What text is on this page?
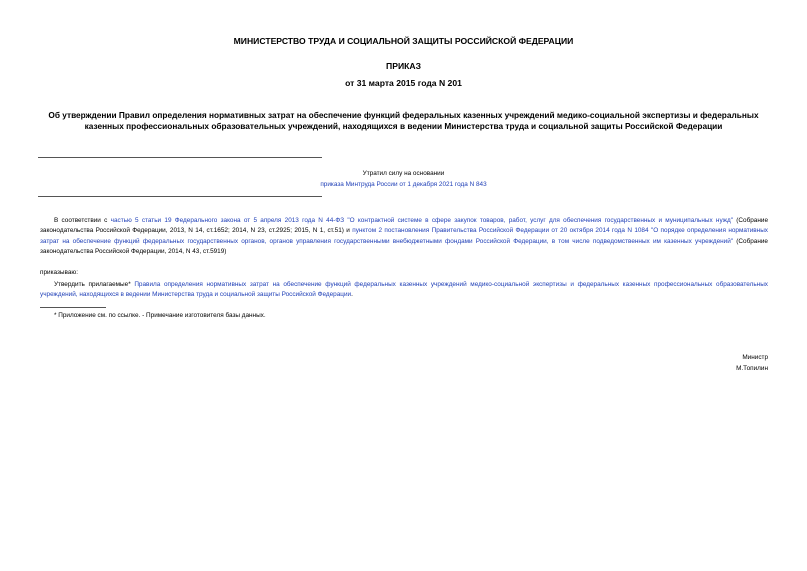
МИНИСТЕРСТВО ТРУДА И СОЦИАЛЬНОЙ ЗАЩИТЫ РОССИЙСКОЙ ФЕДЕРАЦИИ
ПРИКАЗ
от 31 марта 2015 года N 201
Об утверждении Правил определения нормативных затрат на обеспечение функций федеральных казенных учреждений медико-социальной экспертизы и федеральных казенных профессиональных образовательных учреждений, находящихся в ведении Министерства труда и социальной защиты Российской Федерации
Утратил силу на основании
приказа Минтруда России от 1 декабря 2021 года N 843
В соответствии с частью 5 статьи 19 Федерального закона от 5 апреля 2013 года N 44-ФЗ "О контрактной системе в сфере закупок товаров, работ, услуг для обеспечения государственных и муниципальных нужд" (Собрание законодательства Российской Федерации, 2013, N 14, ст.1652; 2014, N 23, ст.2925; 2015, N 1, ст.51) и пунктом 2 постановления Правительства Российской Федерации от 20 октября 2014 года N 1084 "О порядке определения нормативных затрат на обеспечение функций федеральных государственных органов, органов управления государственными внебюджетными фондами Российской Федерации, в том числе подведомственных им казенных учреждений" (Собрание законодательства Российской Федерации, 2014, N 43, ст.5919)
приказываю:
Утвердить прилагаемые* Правила определения нормативных затрат на обеспечение функций федеральных казенных учреждений медико-социальной экспертизы и федеральных казенных профессиональных образовательных учреждений, находящихся в ведении Министерства труда и социальной защиты Российской Федерации.
* Приложение см. по ссылке. - Примечание изготовителя базы данных.
Министр
М.Топилин
